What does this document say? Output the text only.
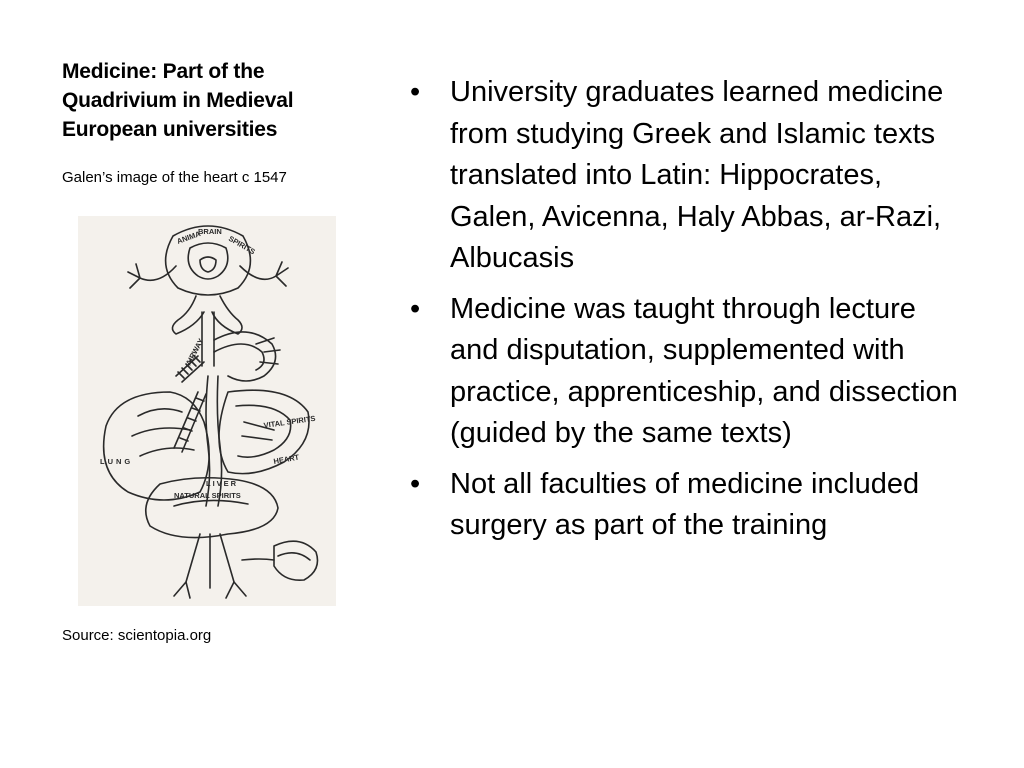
Medicine: Part of the Quadrivium in Medieval European universities
Galen’s image of the heart c 1547
ANIMA
BRAIN
SPIRITS
AIRWAY
LUNG
VITAL SPIRITS
HEART
LIVER
NATURAL SPIRITS
Source: scientopia.org
• University graduates learned medicine from studying Greek and Islamic texts translated into Latin: Hippocrates, Galen, Avicenna, Haly Abbas, ar-Razi, Albucasis
• Medicine was taught through lecture and disputation, supplemented with practice, apprenticeship, and dissection (guided by the same texts)
• Not all faculties of medicine included surgery as part of the training
